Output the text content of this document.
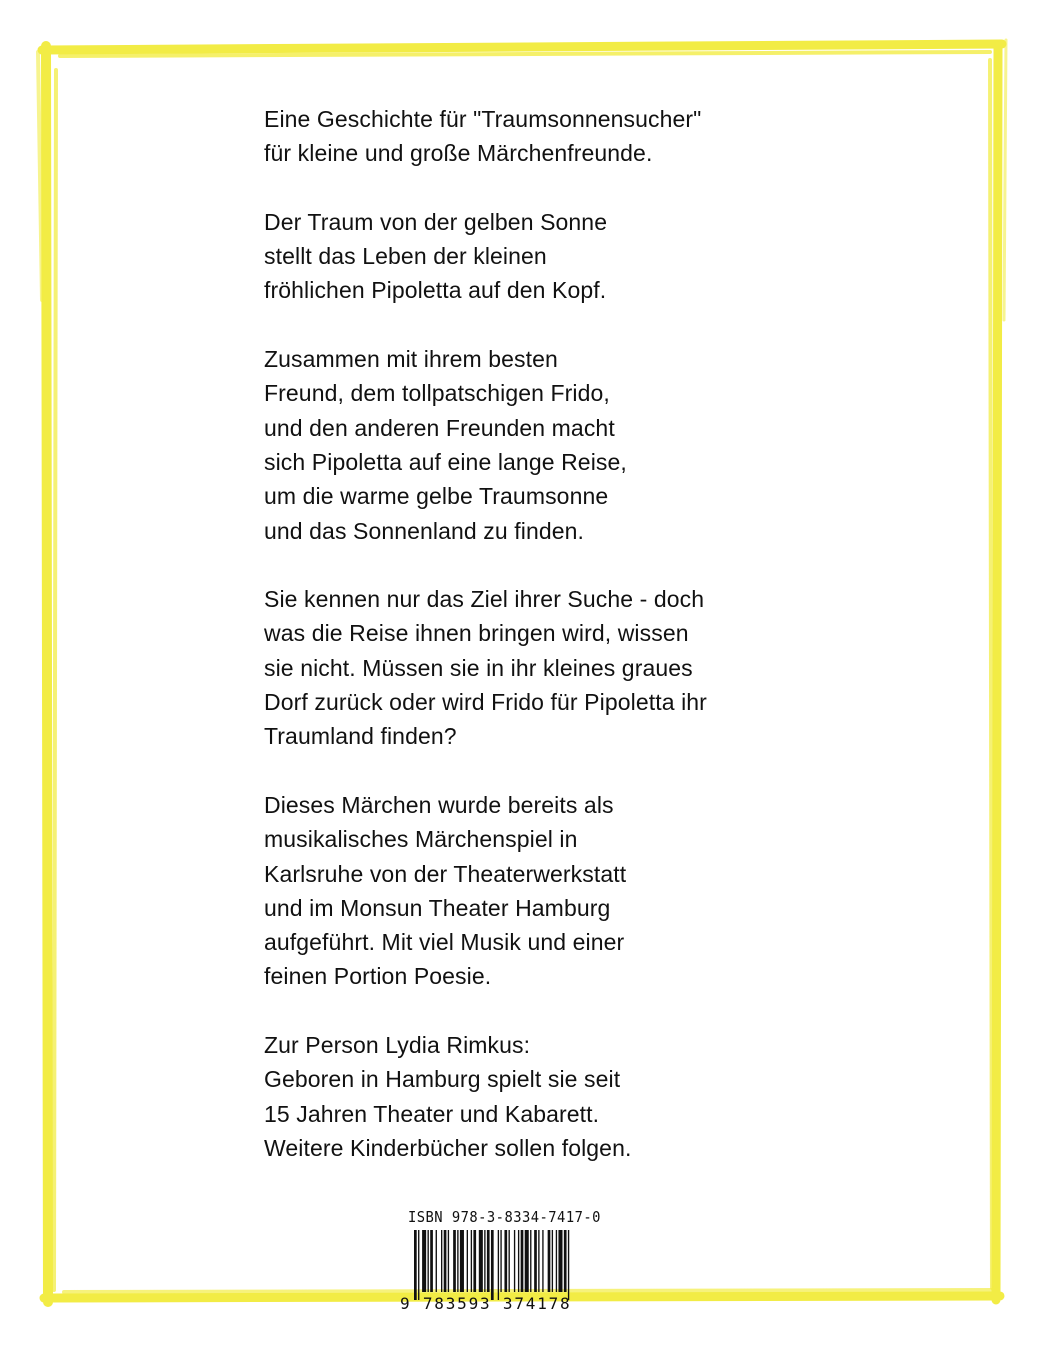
Eine Geschichte für "Traumsonnensucher"
für kleine und große Märchenfreunde.

Der Traum von der gelben Sonne
stellt das Leben der kleinen
fröhlichen Pipoletta auf den Kopf.

Zusammen mit ihrem besten
Freund, dem tollpatschigen Frido,
und den anderen Freunden macht
sich Pipoletta auf eine lange Reise,
um die warme gelbe Traumsonne
und das Sonnenland zu finden.

Sie kennen nur das Ziel ihrer Suche - doch
was die Reise ihnen bringen wird, wissen
sie nicht. Müssen sie in ihr kleines graues
Dorf zurück oder wird Frido für Pipoletta ihr
Traumland finden?

Dieses Märchen wurde bereits als
musikalisches Märchenspiel in
Karlsruhe von der Theaterwerkstatt
und im Monsun Theater Hamburg
aufgeführt. Mit viel Musik und einer
feinen Portion Poesie.

Zur Person Lydia Rimkus:
Geboren in Hamburg spielt sie seit
15 Jahren Theater und Kabarett.
Weitere Kinderbücher sollen folgen.

ISBN 978-3-8334-7417-0
9 783593 374178
